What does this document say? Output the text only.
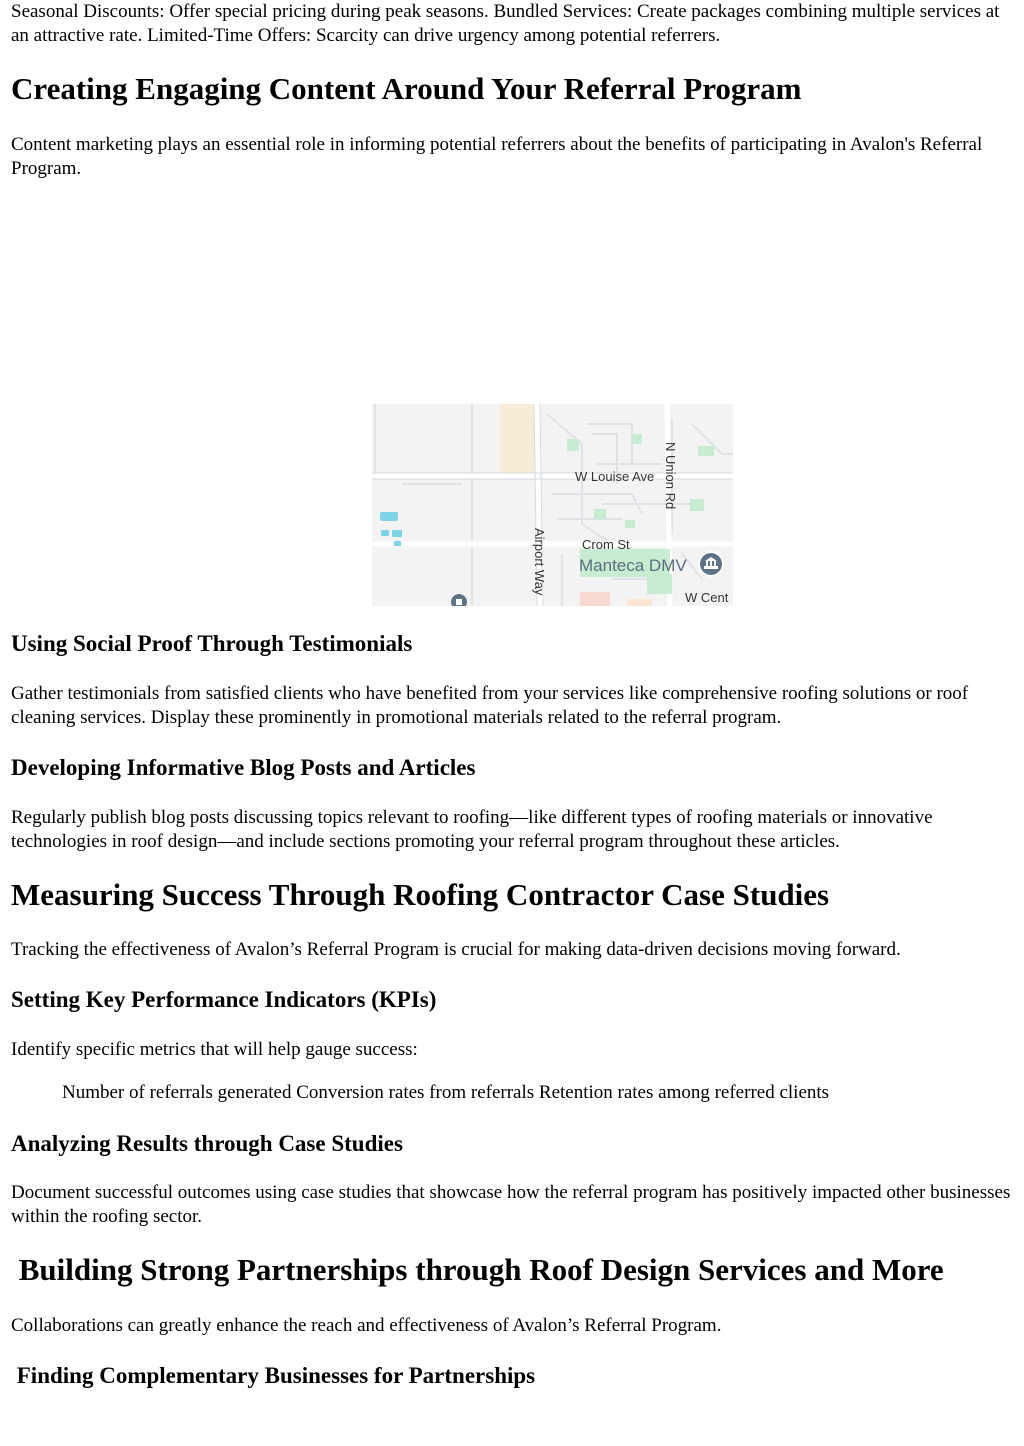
Seasonal Discounts: Offer special pricing during peak seasons. Bundled Services: Create packages combining multiple services at an attractive rate. Limited-Time Offers: Scarcity can drive urgency among potential referrers.

Creating Engaging Content Around Your Referral Program

Content marketing plays an essential role in informing potential referrers about the benefits of participating in Avalon's Referral Program.

W Louise Ave N Union Rd
Airport Way	Crom St
Manteca DMV
W Cent
Using Social Proof Through Testimonials

Gather testimonials from satisfied clients who have benefited from your services like comprehensive roofing solutions or roof cleaning services. Display these prominently in promotional materials related to the referral program.

Developing Informative Blog Posts and Articles

Regularly publish blog posts discussing topics relevant to roofing—like different types of roofing materials or innovative technologies in roof design—and include sections promoting your referral program throughout these articles.

Measuring Success Through Roofing Contractor Case Studies

Tracking the effectiveness of Avalon’s Referral Program is crucial for making data-driven decisions moving forward.

Setting Key Performance Indicators (KPIs)

Identify specific metrics that will help gauge success:

Number of referrals generated Conversion rates from referrals Retention rates among referred clients

Analyzing Results through Case Studies

Document successful outcomes using case studies that showcase how the referral program has positively impacted other businesses within the roofing sector.

Building Strong Partnerships through Roof Design Services and More

Collaborations can greatly enhance the reach and effectiveness of Avalon’s Referral Program.

Finding Complementary Businesses for Partnerships
